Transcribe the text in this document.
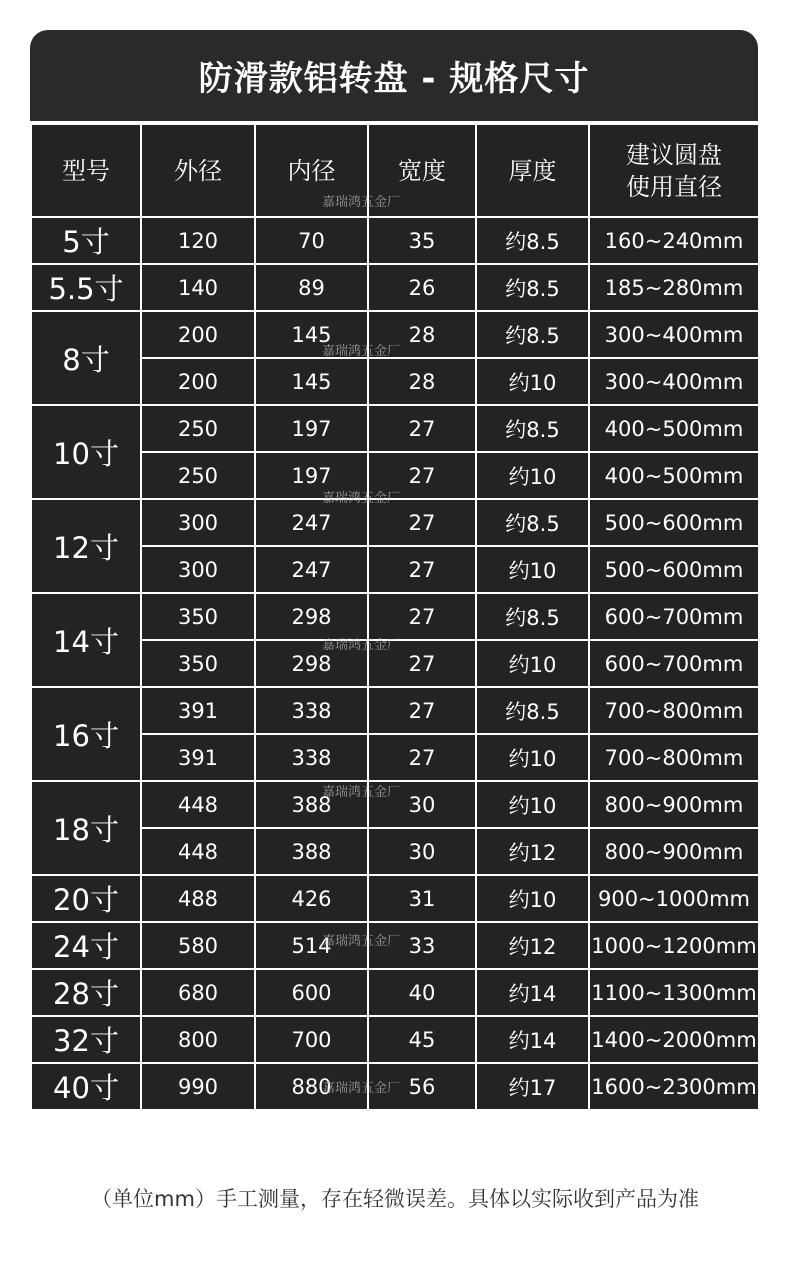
防滑款铝转盘 - 规格尺寸
型号	外径	内径	宽度	厚度	建议圆盘
使用直径
5寸	120	70	35	约8.5	160~240mm
5.5寸	140	89	26	约8.5	185~280mm
8寸	200	145	28	约8.5	300~400mm
	200	145	28	约10	300~400mm
10寸	250	197	27	约8.5	400~500mm
	250	197	27	约10	400~500mm
12寸	300	247	27	约8.5	500~600mm
	300	247	27	约10	500~600mm
14寸	350	298	27	约8.5	600~700mm
	350	298	27	约10	600~700mm
16寸	391	338	27	约8.5	700~800mm
	391	338	27	约10	700~800mm
18寸	448	388	30	约10	800~900mm
	448	388	30	约12	800~900mm
20寸	488	426	31	约10	900~1000mm
24寸	580	514	33	约12	1000~1200mm
28寸	680	600	40	约14	1100~1300mm
32寸	800	700	45	约14	1400~2000mm
40寸	990	880	56	约17	1600~2300mm
嘉瑞鸿五金厂
嘉瑞鸿五金厂
嘉瑞鸿五金厂
嘉瑞鸿五金厂
嘉瑞鸿五金厂
嘉瑞鸿五金厂
嘉瑞鸿五金厂
（单位mm）手工测量，存在轻微误差。具体以实际收到产品为准
